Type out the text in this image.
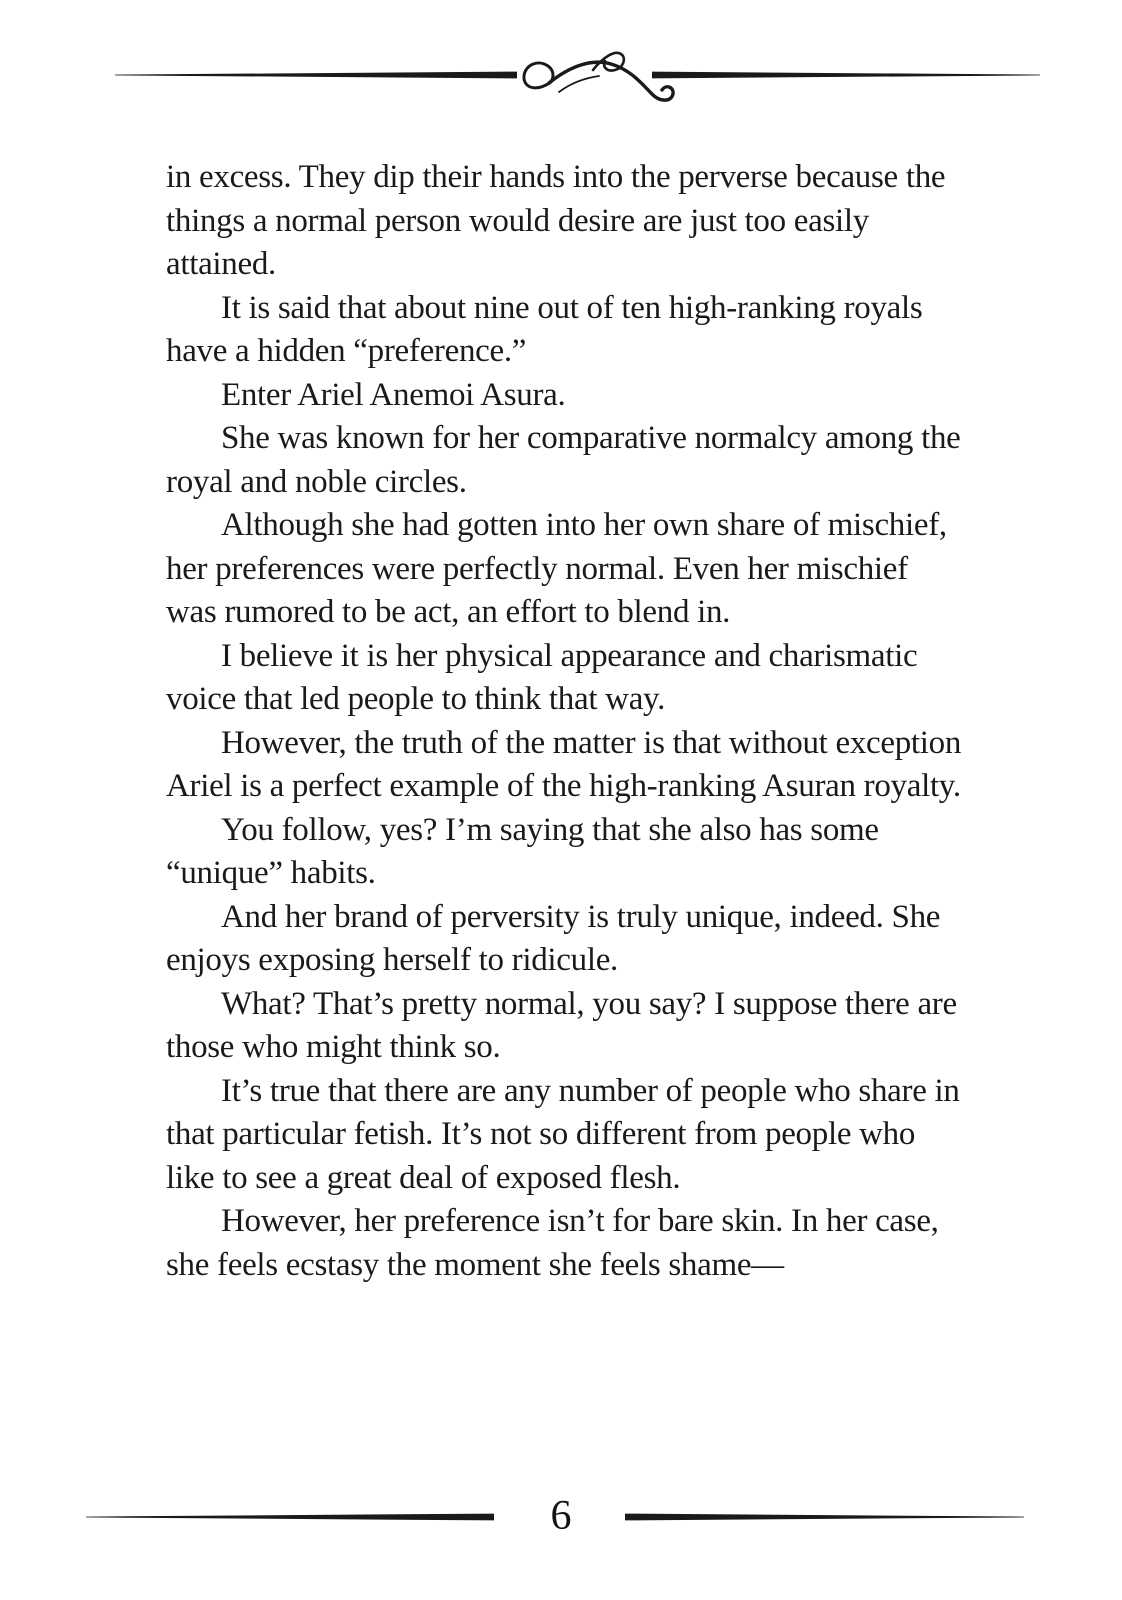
in excess. They dip their hands into the perverse because the things a normal person would desire are just too easily attained.

It is said that about nine out of ten high-ranking royals have a hidden “preference.”

Enter Ariel Anemoi Asura.

She was known for her comparative normalcy among the royal and noble circles.

Although she had gotten into her own share of mischief, her preferences were perfectly normal. Even her mischief was rumored to be act, an effort to blend in.

I believe it is her physical appearance and charismatic voice that led people to think that way.

However, the truth of the matter is that without exception Ariel is a perfect example of the high-ranking Asuran royalty.

You follow, yes? I’m saying that she also has some “unique” habits.

And her brand of perversity is truly unique, indeed. She enjoys exposing herself to ridicule.

What? That’s pretty normal, you say? I suppose there are those who might think so.

It’s true that there are any number of people who share in that particular fetish. It’s not so different from people who like to see a great deal of exposed flesh.

However, her preference isn’t for bare skin. In her case, she feels ecstasy the moment she feels shame—

6
